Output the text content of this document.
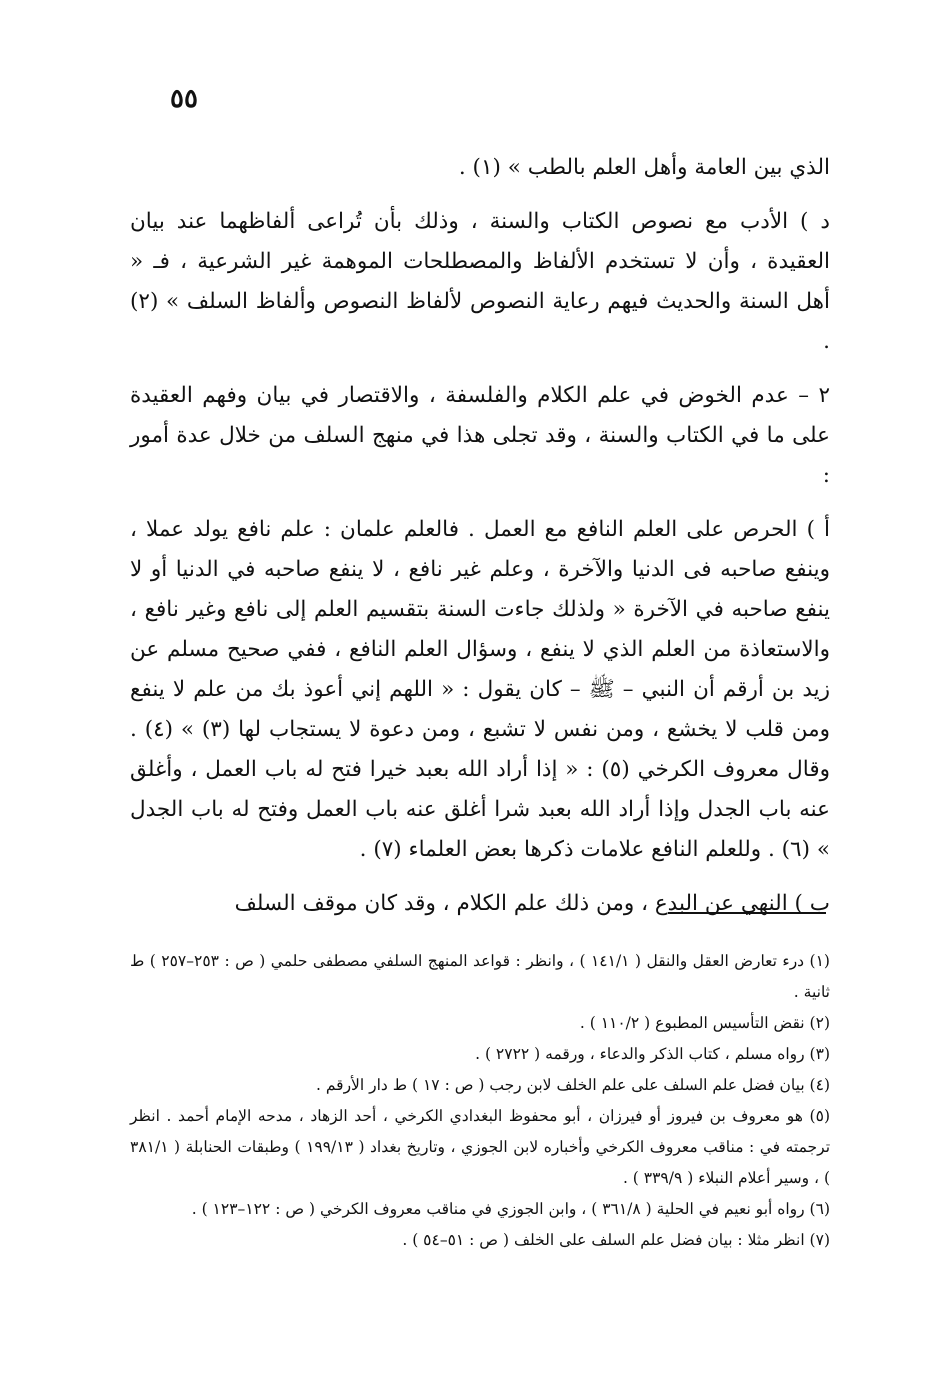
٥٥

الذي بين العامة وأهل العلم بالطب » (١) .

د ) الأدب مع نصوص الكتاب والسنة ، وذلك بأن تُراعى ألفاظهما عند بيان العقيدة ، وأن لا تستخدم الألفاظ والمصطلحات الموهمة غير الشرعية ، فـ « أهل السنة والحديث فيهم رعاية النصوص لألفاظ النصوص وألفاظ السلف » (٢) .

٢ – عدم الخوض في علم الكلام والفلسفة ، والاقتصار في بيان وفهم العقيدة على ما في الكتاب والسنة ، وقد تجلى هذا في منهج السلف من خلال عدة أمور :

أ ) الحرص على العلم النافع مع العمل . فالعلم علمان : علم نافع يولد عملا ، وينفع صاحبه فى الدنيا والآخرة ، وعلم غير نافع ، لا ينفع صاحبه في الدنيا أو لا ينفع صاحبه في الآخرة « ولذلك جاءت السنة بتقسيم العلم إلى نافع وغير نافع ، والاستعاذة من العلم الذي لا ينفع ، وسؤال العلم النافع ، ففي صحيح مسلم عن زيد بن أرقم أن النبي – ﷺ – كان يقول : « اللهم إني أعوذ بك من علم لا ينفع ومن قلب لا يخشع ، ومن نفس لا تشبع ، ومن دعوة لا يستجاب لها (٣) » (٤) . وقال معروف الكرخي (٥) : « إذا أراد الله بعبد خيرا فتح له باب العمل ، وأغلق عنه باب الجدل وإذا أراد الله بعبد شرا أغلق عنه باب العمل وفتح له باب الجدل » (٦) . وللعلم النافع علامات ذكرها بعض العلماء (٧) .

ب ) النهي عن البدع ، ومن ذلك علم الكلام ، وقد كان موقف السلف

(١) درء تعارض العقل والنقل ( ١٤١/١ ) ، وانظر : قواعد المنهج السلفي مصطفى حلمي ( ص : ٢٥٣–٢٥٧ ) ط ثانية .

(٢) نقض التأسيس المطبوع ( ١١٠/٢ ) .

(٣) رواه مسلم ، كتاب الذكر والدعاء ، ورقمه ( ٢٧٢٢ ) .

(٤) بيان فضل علم السلف على علم الخلف لابن رجب ( ص : ١٧ ) ط دار الأرقم .

(٥) هو معروف بن فيروز أو فيرزان ، أبو محفوظ البغدادي الكرخي ، أحد الزهاد ، مدحه الإمام أحمد . انظر ترجمته في : مناقب معروف الكرخي وأخباره لابن الجوزي ، وتاريخ بغداد ( ١٩٩/١٣ ) وطبقات الحنابلة ( ٣٨١/١ ) ، وسير أعلام النبلاء ( ٣٣٩/٩ ) .

(٦) رواه أبو نعيم في الحلية ( ٣٦١/٨ ) ، وابن الجوزي في مناقب معروف الكرخي ( ص : ١٢٢–١٢٣ ) .

(٧) انظر مثلا : بيان فضل علم السلف على الخلف ( ص : ٥١–٥٤ ) .
